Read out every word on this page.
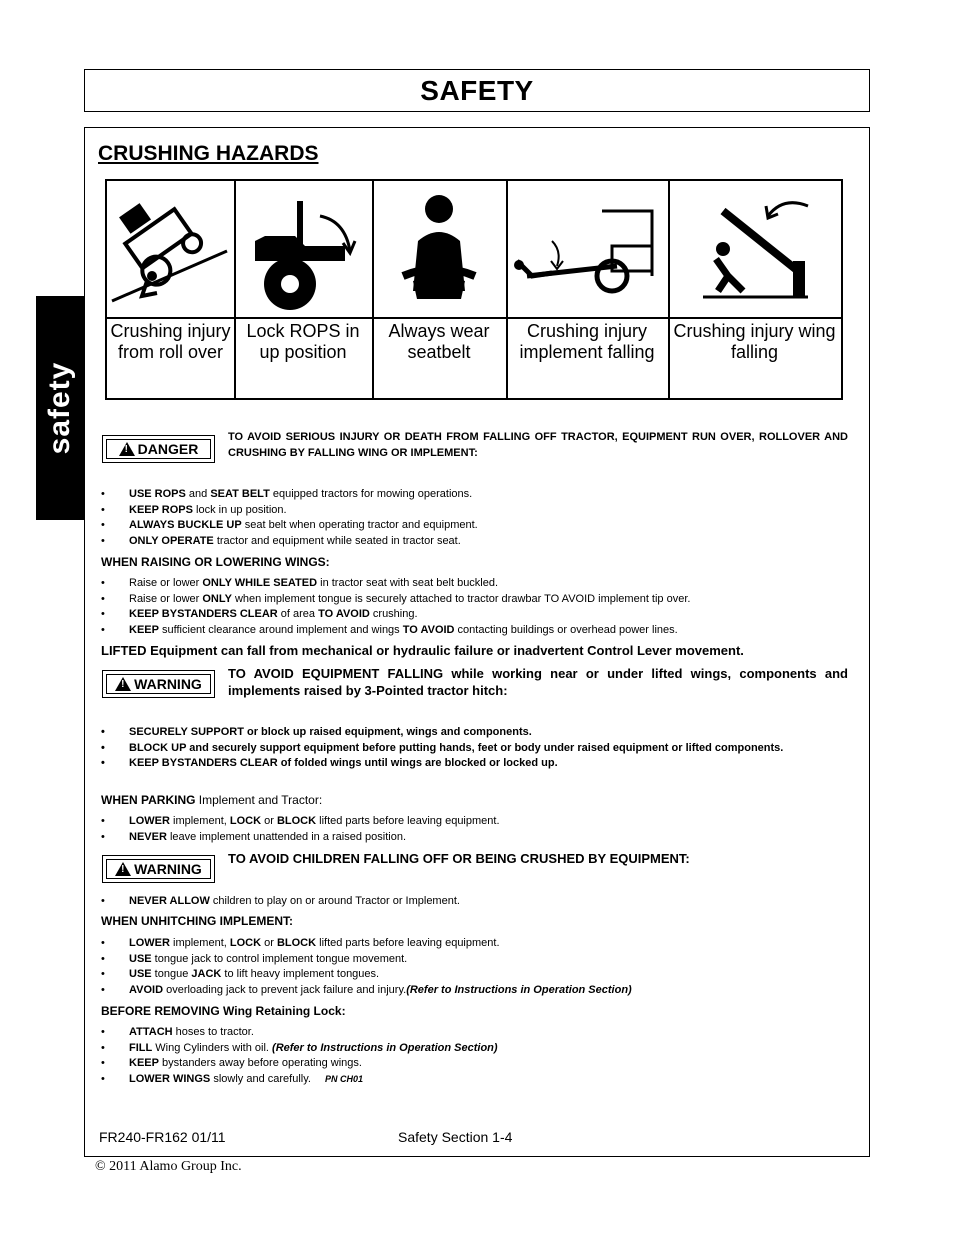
SAFETY
safety
CRUSHING HAZARDS
Crushing injury
from roll over
Lock ROPS in
up position
Always wear
seatbelt
Crushing injury
implement falling
Crushing injury wing
falling
!
DANGER
TO AVOID SERIOUS INJURY OR DEATH FROM FALLING OFF TRACTOR, EQUIPMENT RUN OVER, ROLLOVER AND CRUSHING BY FALLING WING OR IMPLEMENT:
• USE ROPS and SEAT BELT equipped tractors for mowing operations.
• KEEP ROPS lock in up position.
• ALWAYS BUCKLE UP seat belt when operating tractor and equipment.
• ONLY OPERATE tractor and equipment while seated in tractor seat.
WHEN RAISING OR LOWERING WINGS:
• Raise or lower ONLY WHILE SEATED in tractor seat with seat belt buckled.
• Raise or lower ONLY when implement tongue is securely attached to tractor drawbar TO AVOID implement tip over.
• KEEP BYSTANDERS CLEAR of area TO AVOID crushing.
• KEEP sufficient clearance around implement and wings TO AVOID contacting buildings or overhead power lines.
LIFTED Equipment can fall from mechanical or hydraulic failure or inadvertent Control Lever movement.
!
WARNING
TO AVOID EQUIPMENT FALLING while working near or under lifted wings, components and implements raised by 3-Pointed tractor hitch:
• SECURELY SUPPORT or block up raised equipment, wings and components.
• BLOCK UP and securely support equipment before putting hands, feet or body under raised equipment or lifted components.
• KEEP BYSTANDERS CLEAR of folded wings until wings are blocked or locked up.
WHEN PARKING Implement and Tractor:
• LOWER implement, LOCK or BLOCK lifted parts before leaving equipment.
• NEVER leave implement unattended in a raised position.
!
WARNING
TO AVOID CHILDREN FALLING OFF OR BEING CRUSHED BY EQUIPMENT:
• NEVER ALLOW children to play on or around Tractor or Implement.
WHEN UNHITCHING IMPLEMENT:
• LOWER implement, LOCK or BLOCK lifted parts before leaving equipment.
• USE tongue jack to control implement tongue movement.
• USE tongue JACK to lift heavy implement tongues.
• AVOID overloading jack to prevent jack failure and injury.(Refer to Instructions in Operation Section)
BEFORE REMOVING Wing Retaining Lock:
• ATTACH hoses to tractor.
• FILL Wing Cylinders with oil. (Refer to Instructions in Operation Section)
• KEEP bystanders away before operating wings.
• LOWER WINGS slowly and carefully. PN CH01
FR240-FR162 01/11	Safety Section 1-4
© 2011 Alamo Group Inc.
